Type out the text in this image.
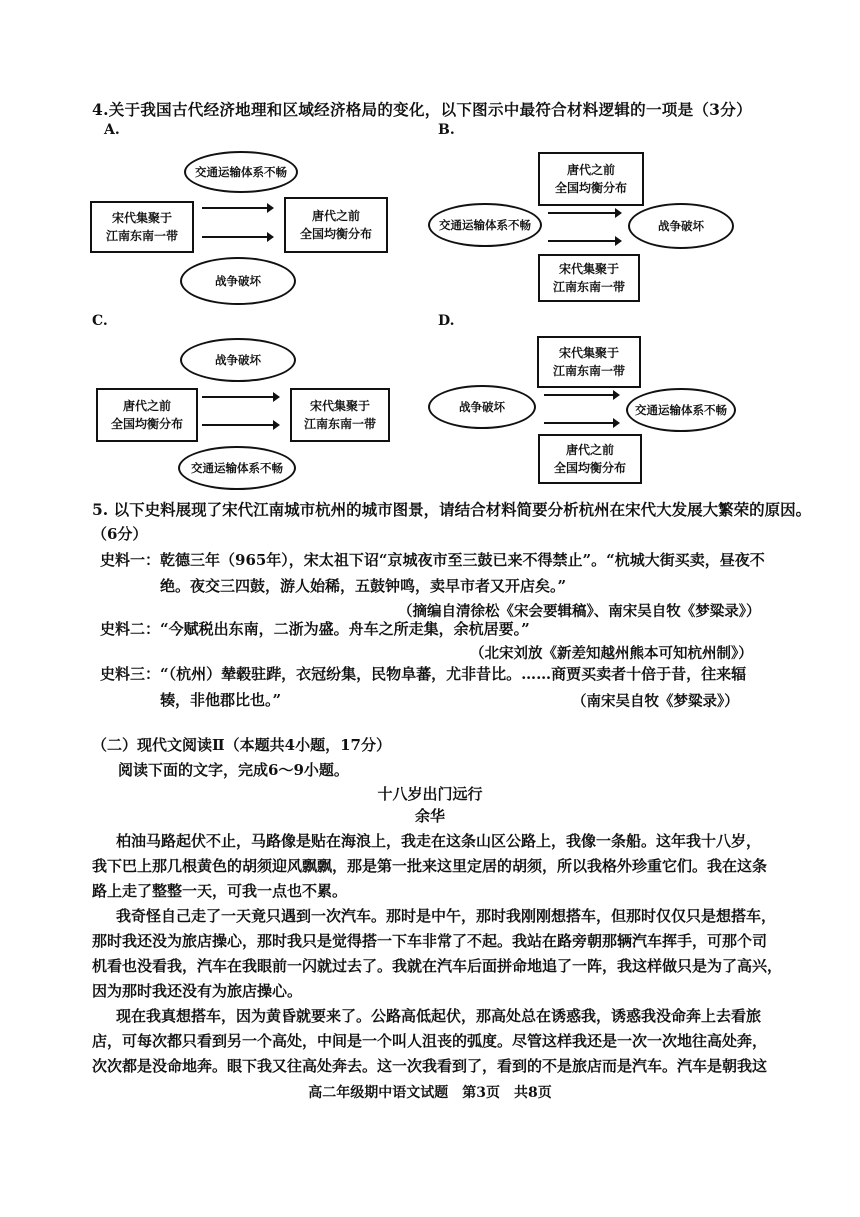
4.关于我国古代经济地理和区域经济格局的变化，以下图示中最符合材料逻辑的一项是（3分）
A.
交通运输体系不畅
宋代集聚于
江南东南一带
唐代之前
全国均衡分布
战争破坏
B.
唐代之前
全国均衡分布
交通运输体系不畅	战争破坏
宋代集聚于
江南东南一带
C.
战争破坏
唐代之前
全国均衡分布
宋代集聚于
江南东南一带
交通运输体系不畅
D.
宋代集聚于
江南东南一带
战争破坏	交通运输体系不畅
唐代之前
全国均衡分布
5. 以下史料展现了宋代江南城市杭州的城市图景，请结合材料简要分析杭州在宋代大发展大繁荣的原因。
（6分）
史料一：乾德三年（965年），宋太祖下诏“京城夜市至三鼓已来不得禁止”。“杭城大街买卖，昼夜不
绝。夜交三四鼓，游人始稀，五鼓钟鸣，卖早市者又开店矣。”
（摘编自清徐松《宋会要辑稿》、南宋吴自牧《梦粱录》）
史料二：“今赋税出东南，二浙为盛。舟车之所走集，余杭居要。”
（北宋刘放《新差知越州熊本可知杭州制》）
史料三：“（杭州）辇毂驻跸，衣冠纷集，民物阜蕃，尤非昔比。……商贾买卖者十倍于昔，往来辐
辏，非他郡比也。”	（南宋吴自牧《梦粱录》）
（二）现代文阅读Ⅱ（本题共4小题，17分）
阅读下面的文字，完成6～9小题。
十八岁出门远行
余华
柏油马路起伏不止，马路像是贴在海浪上，我走在这条山区公路上，我像一条船。这年我十八岁，
我下巴上那几根黄色的胡须迎风飘飘，那是第一批来这里定居的胡须，所以我格外珍重它们。我在这条
路上走了整整一天，可我一点也不累。
我奇怪自己走了一天竟只遇到一次汽车。那时是中午，那时我刚刚想搭车，但那时仅仅只是想搭车，
那时我还没为旅店操心，那时我只是觉得搭一下车非常了不起。我站在路旁朝那辆汽车挥手，可那个司
机看也没看我，汽车在我眼前一闪就过去了。我就在汽车后面拼命地追了一阵，我这样做只是为了高兴，
因为那时我还没有为旅店操心。
现在我真想搭车，因为黄昏就要来了。公路高低起伏，那高处总在诱惑我，诱惑我没命奔上去看旅
店，可每次都只看到另一个高处，中间是一个叫人沮丧的弧度。尽管这样我还是一次一次地往高处奔，
次次都是没命地奔。眼下我又往高处奔去。这一次我看到了，看到的不是旅店而是汽车。汽车是朝我这
高二年级期中语文试题　第3页　共8页
